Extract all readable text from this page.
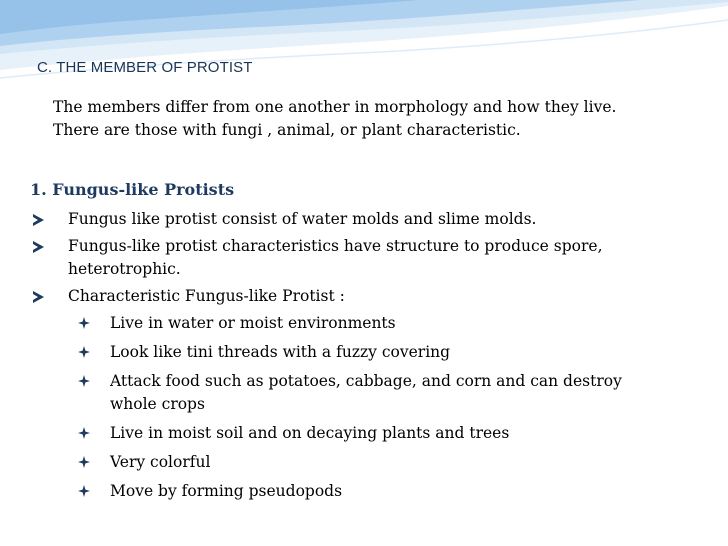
C. THE MEMBER OF PROTIST

The members differ from one another in morphology and how they live.
There are those with fungi , animal, or plant characteristic.

1. Fungus-like Protists
Fungus like protist consist of water molds and slime molds.
Fungus-like protist characteristics have structure to produce spore,
heterotrophic.
Characteristic Fungus-like Protist :
Live in water or moist environments
Look like tini threads with a fuzzy covering
Attack food such as potatoes, cabbage, and corn and can destroy
whole crops
Live in moist soil and on decaying plants and trees
Very colorful
Move by forming pseudopods
